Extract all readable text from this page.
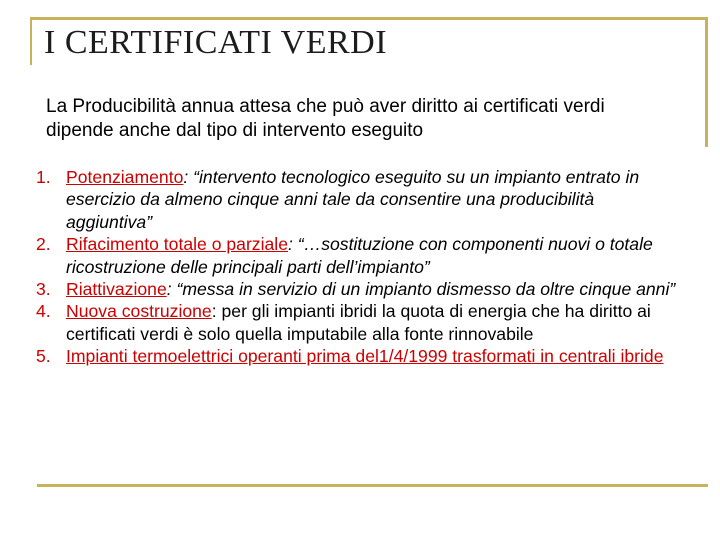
I CERTIFICATI VERDI
La Producibilità annua attesa che può aver diritto ai certificati verdi dipende anche dal tipo di intervento eseguito
1. Potenziamento: “intervento tecnologico eseguito su un impianto entrato in esercizio da almeno cinque anni tale da consentire una producibilità aggiuntiva”
2. Rifacimento totale o parziale: “…sostituzione con componenti nuovi o totale ricostruzione delle principali parti dell’impianto”
3. Riattivazione: “messa in servizio di un impianto dismesso da oltre cinque anni”
4. Nuova costruzione: per gli impianti ibridi la quota di energia che ha diritto ai certificati verdi è solo quella imputabile alla fonte rinnovabile
5. Impianti termoelettrici operanti prima del1/4/1999 trasformati in centrali ibride
